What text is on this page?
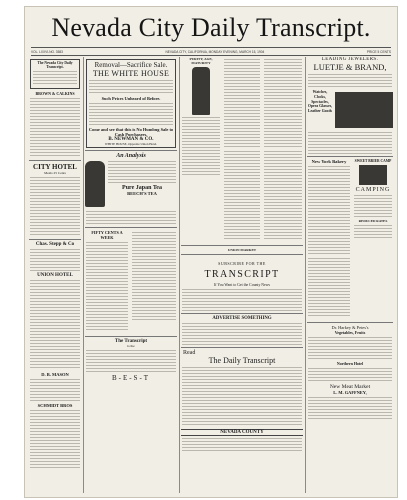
Nevada City Daily Transcript.
VOL. LXXVI-NO. 3583	NEVADA CITY, CALIFORNIA, MONDAY EVENING, MARCH 15, 1904	PRICE 5 CENTS
The Nevada City Daily Transcript.
BROWN & CALKINS
CITY HOTEL
Meals 25 Cents
Chas. Stepp & Co
UNION HOTEL
D. B. MASON
SCHMIDT BROS
Removal—Sacrifice Sale.
THE WHITE HOUSE
Such Prices Unheard of Before.
Come and see that this is No Humbug Sale to Cash Purchasers.
B. NEWMAN & CO.
WHITE HOUSE, Opposite Union Hotel.
An Analysis
Pure Japan Tea
BEECH'S TEA
FIFTY CENTS A WEEK
The Transcript
is the
B-E-S-T
PURITY, AGE, MATURITY
UNION MARKET
SUBSCRIBE FOR THE
TRANSCRIPT
If You Want to Get the County News
ADVERTISE SOMETHING
Read
The Daily Transcript
NEVADA COUNTY
LEADING JEWELERS.
LUETJE & BRAND,
Watches, Clocks, Spectacles, Opera Glasses, Leather Goods
New York Bakery	SWEET BRIER CAMP
CAMPING
REDUCED RATES
Dr. Harkey & Petes's
Vegetables, Fruits
Northern Hotel
New Meat Market
L. M. GAFFNEY,
